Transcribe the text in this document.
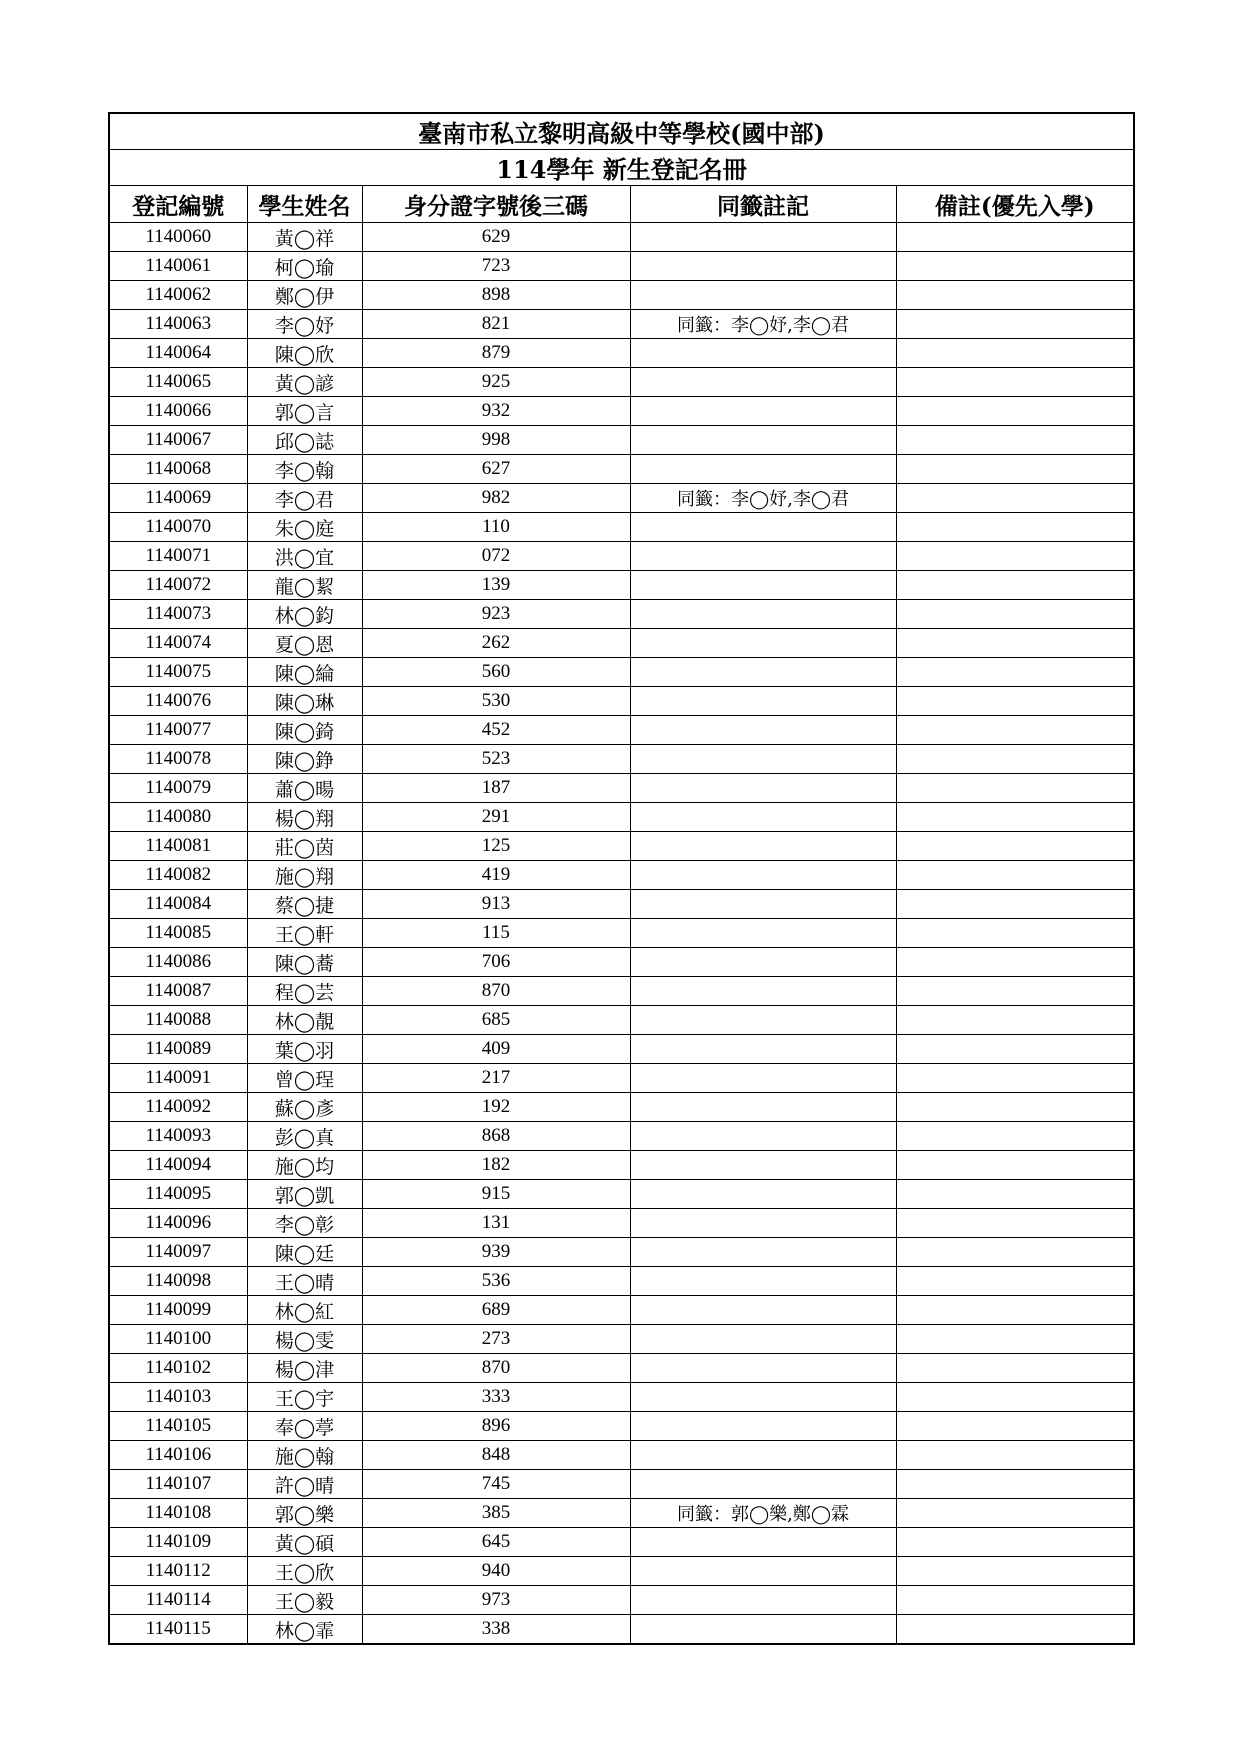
臺南市私立黎明高級中等學校(國中部)				
114學年 新生登記名冊				
登記編號	學生姓名	身分證字號後三碼	同籤註記	備註(優先入學)
1140060	黃◯祥	629		
1140061	柯◯瑜	723		
1140062	鄭◯伊	898		
1140063	李◯妤	821	同籤：李◯妤,李◯君	
1140064	陳◯欣	879		
1140065	黃◯諺	925		
1140066	郭◯言	932		
1140067	邱◯誌	998		
1140068	李◯翰	627		
1140069	李◯君	982	同籤：李◯妤,李◯君	
1140070	朱◯庭	110		
1140071	洪◯宜	072		
1140072	龍◯絜	139		
1140073	林◯鈞	923		
1140074	夏◯恩	262		
1140075	陳◯綸	560		
1140076	陳◯琳	530		
1140077	陳◯錡	452		
1140078	陳◯錚	523		
1140079	蕭◯暘	187		
1140080	楊◯翔	291		
1140081	莊◯茵	125		
1140082	施◯翔	419		
1140084	蔡◯捷	913		
1140085	王◯軒	115		
1140086	陳◯蕎	706		
1140087	程◯芸	870		
1140088	林◯靚	685		
1140089	葉◯羽	409		
1140091	曾◯珵	217		
1140092	蘇◯彥	192		
1140093	彭◯真	868		
1140094	施◯均	182		
1140095	郭◯凱	915		
1140096	李◯彰	131		
1140097	陳◯廷	939		
1140098	王◯晴	536		
1140099	林◯紅	689		
1140100	楊◯雯	273		
1140102	楊◯津	870		
1140103	王◯宇	333		
1140105	奉◯葶	896		
1140106	施◯翰	848		
1140107	許◯晴	745		
1140108	郭◯樂	385	同籤：郭◯樂,鄭◯霖	
1140109	黃◯碩	645		
1140112	王◯欣	940		
1140114	王◯毅	973		
1140115	林◯霏	338		
